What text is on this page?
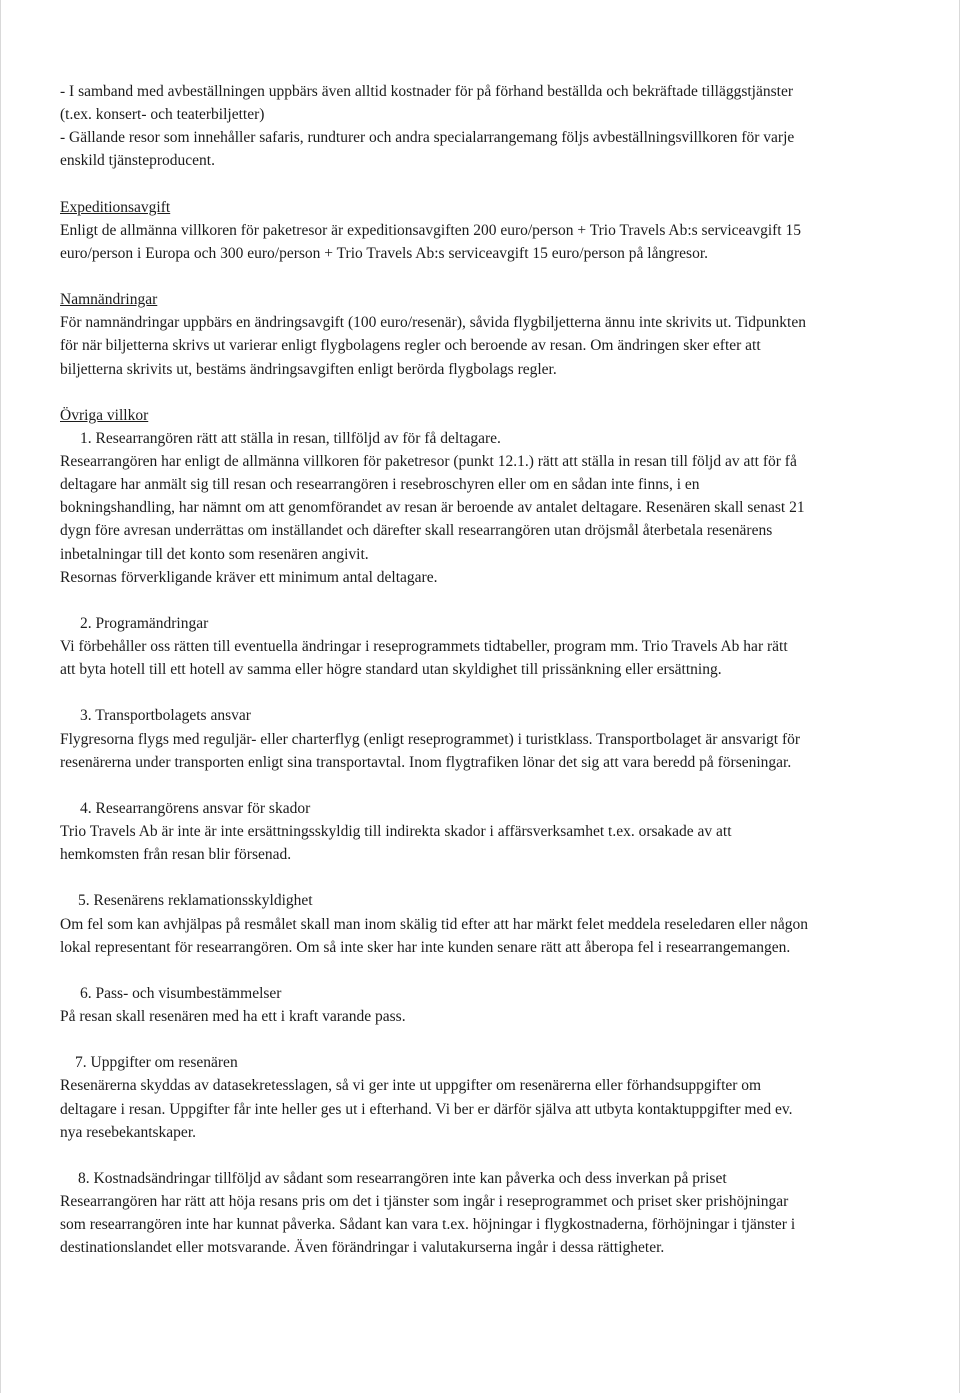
- I samband med avbeställningen uppbärs även alltid kostnader för på förhand beställda och bekräftade tilläggstjänster
(t.ex. konsert- och teaterbiljetter)
- Gällande resor som innehåller safaris, rundturer och andra specialarrangemang följs avbeställningsvillkoren för varje
enskild tjänsteproducent.
Expeditionsavgift
Enligt de allmänna villkoren för paketresor är expeditionsavgiften 200 euro/person + Trio Travels Ab:s serviceavgift 15
euro/person i Europa och 300 euro/person + Trio Travels Ab:s serviceavgift 15 euro/person på långresor.
Namnändringar
För namnändringar uppbärs en ändringsavgift (100 euro/resenär), såvida flygbiljetterna ännu inte skrivits ut. Tidpunkten
för när biljetterna skrivs ut varierar enligt flygbolagens regler och beroende av resan. Om ändringen sker efter att
biljetterna skrivits ut, bestäms ändringsavgiften enligt berörda flygbolags regler.
Övriga villkor
1. Researrangören rätt att ställa in resan, tillföljd av för få deltagare.
Researrangören har enligt de allmänna villkoren för paketresor (punkt 12.1.) rätt att ställa in resan till följd av att för få
deltagare har anmält sig till resan och researrangören i resebroschyren eller om en sådan inte finns, i en
bokningshandling, har nämnt om att genomförandet av resan är beroende av antalet deltagare. Resenären skall senast 21
dygn före avresan underrättas om inställandet och därefter skall researrangören utan dröjsmål återbetala resenärens
inbetalningar till det konto som resenären angivit.
Resornas förverkligande kräver ett minimum antal deltagare.
2. Programändringar
Vi förbehåller oss rätten till eventuella ändringar i reseprogrammets tidtabeller, program mm. Trio Travels Ab har rätt
att byta hotell till ett hotell av samma eller högre standard utan skyldighet till prissänkning eller ersättning.
3. Transportbolagets ansvar
Flygresorna flygs med reguljär- eller charterflyg (enligt reseprogrammet) i turistklass. Transportbolaget är ansvarigt för
resenärerna under transporten enligt sina transportavtal. Inom flygtrafiken lönar det sig att vara beredd på förseningar.
4. Researrangörens ansvar för skador
Trio Travels Ab är inte är inte ersättningsskyldig till indirekta skador i affärsverksamhet t.ex. orsakade av att
hemkomsten från resan blir försenad.
5. Resenärens reklamationsskyldighet
Om fel som kan avhjälpas på resmålet skall man inom skälig tid efter att har märkt felet meddela reseledaren eller någon
lokal representant för researrangören. Om så inte sker har inte kunden senare rätt att åberopa fel i researrangemangen.
6. Pass- och visumbestämmelser
På resan skall resenären med ha ett i kraft varande pass.
7. Uppgifter om resenären
Resenärerna skyddas av datasekretesslagen, så vi ger inte ut uppgifter om resenärerna eller förhandsuppgifter om
deltagare i resan. Uppgifter får inte heller ges ut i efterhand. Vi ber er därför själva att utbyta kontaktuppgifter med ev.
nya resebekantskaper.
8. Kostnadsändringar tillföljd av sådant som researrangören inte kan påverka och dess inverkan på priset
Researrangören har rätt att höja resans pris om det i tjänster som ingår i reseprogrammet och priset sker prishöjningar
som researrangören inte har kunnat påverka. Sådant kan vara t.ex. höjningar i flygkostnaderna, förhöjningar i tjänster i
destinationslandet eller motsvarande. Även förändringar i valutakurserna ingår i dessa rättigheter.
